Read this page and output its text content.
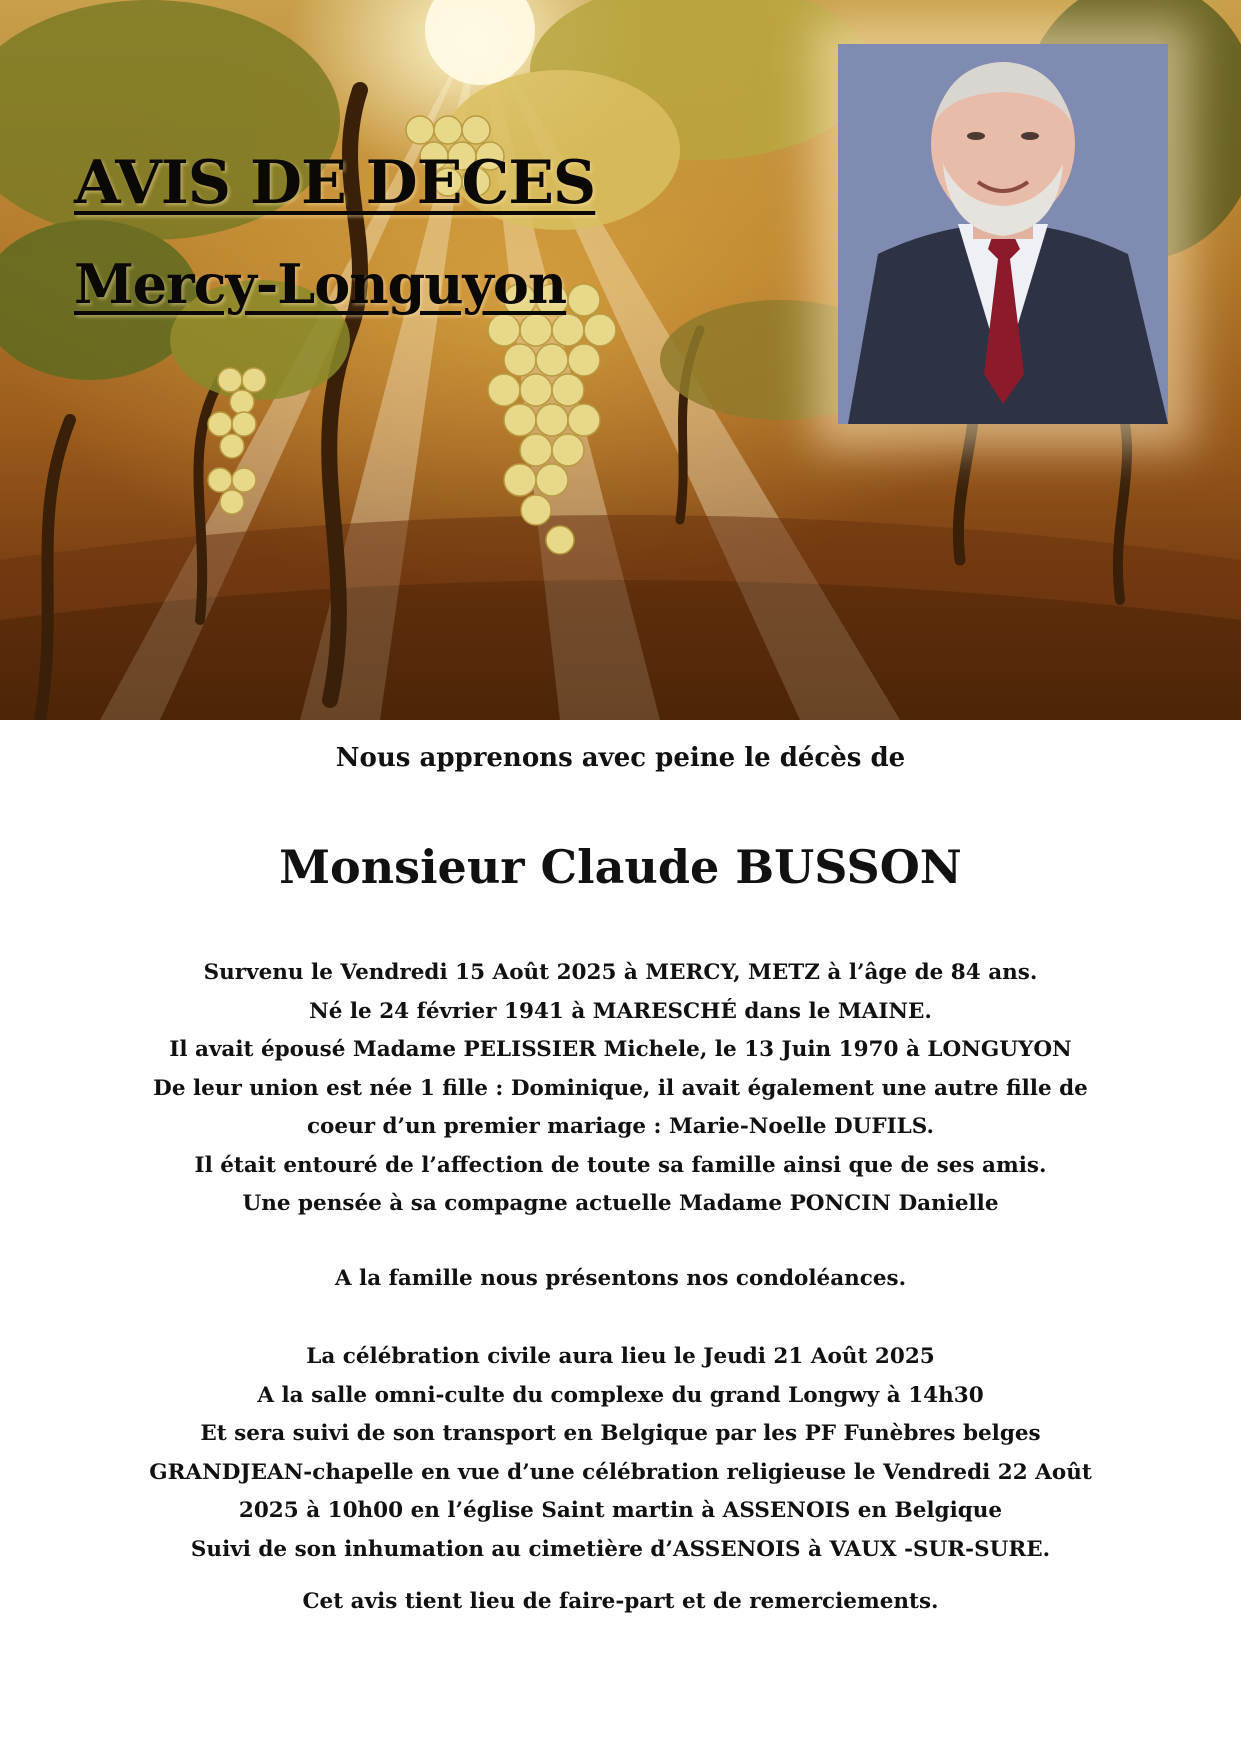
AVIS DE DECES
Mercy-Longuyon

Nous apprenons avec peine le décès de

Monsieur Claude BUSSON

Survenu le Vendredi 15 Août 2025 à MERCY, METZ à l’âge de 84 ans.
Né le 24 février 1941 à MARESCHÉ dans le MAINE.
Il avait épousé Madame PELISSIER Michele, le 13 Juin 1970 à LONGUYON
De leur union est née 1 fille : Dominique, il avait également une autre fille de
coeur d’un premier mariage : Marie-Noelle DUFILS.
Il était entouré de l’affection de toute sa famille ainsi que de ses amis.
Une pensée à sa compagne actuelle Madame PONCIN Danielle

A la famille nous présentons nos condoléances.

La célébration civile aura lieu le Jeudi 21 Août 2025
A la salle omni-culte du complexe du grand Longwy à 14h30
Et sera suivi de son transport en Belgique par les PF Funèbres belges
GRANDJEAN-chapelle en vue d’une célébration religieuse le Vendredi 22 Août
2025 à 10h00 en l’église Saint martin à ASSENOIS en Belgique
Suivi de son inhumation au cimetière d’ASSENOIS à VAUX -SUR-SURE.

Cet avis tient lieu de faire-part et de remerciements.
